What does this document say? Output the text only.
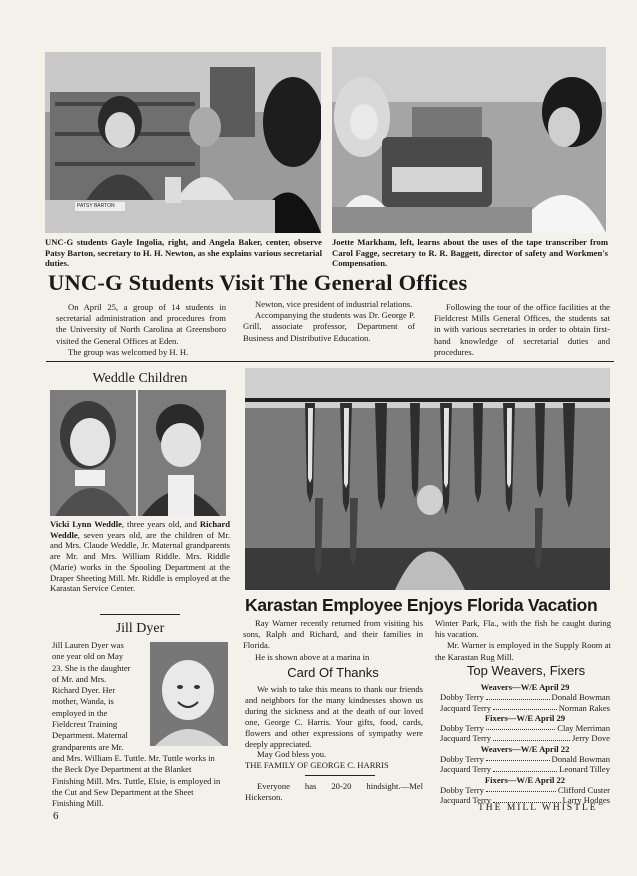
PATSY BARTON
UNC-G students Gayle Ingolia, right, and Angela Baker, center, observe Patsy Barton, secretary to H. H. Newton, as she explains various secretarial duties.
Joette Markham, left, learns about the uses of the tape transcriber from Carol Fagge, secretary to R. R. Baggett, director of safety and Workmen's Compensation.
UNC-G Students Visit The General Offices

On April 25, a group of 14 students in secretarial administration and procedures from the University of North Carolina at Greensboro visited the General Offices at Eden.

The group was welcomed by H. H.

Newton, vice president of industrial relations.

Accompanying the students was Dr. George P. Grill, associate professor, Department of Business and Distributive Education.

Following the tour of the office facilities at the Fieldcrest Mills General Offices, the students sat in with various secretaries in order to obtain first-hand knowledge of secretarial duties and procedures.

Weddle Children
Vicki Lynn Weddle, three years old, and Richard Weddle, seven years old, are the children of Mr. and Mrs. Claude Weddle, Jr. Maternal grandparents are Mr. and Mrs. William Riddle. Mrs. Riddle (Marie) works in the Spooling Department at the Draper Sheeting Mill. Mr. Riddle is employed at the Karastan Service Center.
Jill Dyer
Jill Lauren Dyer was one year old on May 23. She is the daughter of Mr. and Mrs. Richard Dyer. Her mother, Wanda, is employed in the Fieldcrest Training Department. Maternal grandparents are Mr. and Mrs. William E. Tuttle. Mr. Tuttle works in the Beck Dye Department at the Blanket Finishing Mill. Mrs. Tuttle, Elsie, is employed in the Cut and Sew Department at the Sheet Finishing Mill.
Karastan Employee Enjoys Florida Vacation

Ray Warner recently returned from visiting his sons, Ralph and Richard, and their families in Florida.

He is shown above at a marina in

Winter Park, Fla., with the fish he caught during his vacation.

Mr. Warner is employed in the Supply Room at the Karastan Rug Mill.

Card Of Thanks

We wish to take this means to thank our friends and neighbors for the many kindnesses shown us during the sickness and at the death of our loved one, George C. Harris. Your gifts, food, cards, flowers and other expressions of sympathy were deeply appreciated.

May God bless you.

THE FAMILY OF GEORGE C. HARRIS

Everyone has 20-20 hindsight.—Mel Hickerson.

Top Weavers, Fixers
Weavers—W/E April 29
Dobby Terry	Donald Bowman
Jacquard Terry	Norman Rakes
Fixers—W/E April 29
Dobby Terry	Clay Merriman
Jacquard Terry	Jerry Dove
Weavers—W/E April 22
Dobby Terry	Donald Bowman
Jacquard Terry	Leonard Tilley
Fixers—W/E April 22
Dobby Terry	Clifford Custer
Jacquard Terry	Larry Hodges
6
THE MILL WHISTLE
